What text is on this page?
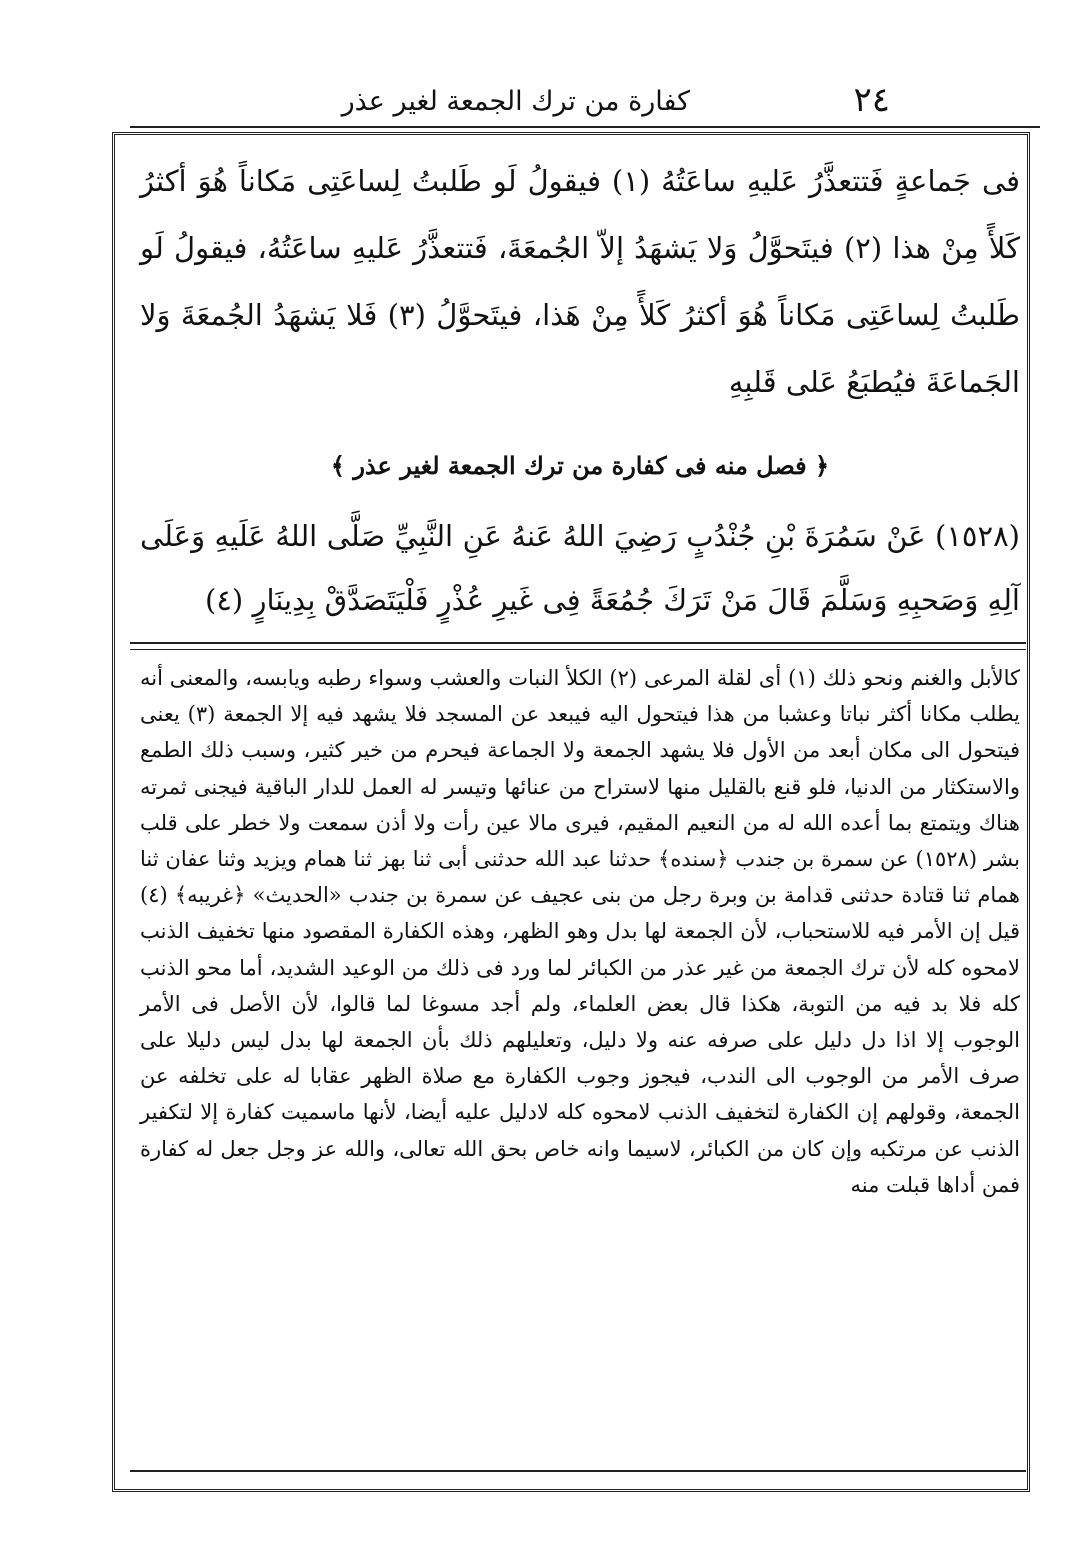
٢٤
كفارة من ترك الجمعة لغير عذر

فى جَماعةٍ فَتتعذَّرُ عَليهِ ساعَتُهُ (١) فيقولُ لَو طَلبتُ لِساعَتِى مَكاناً هُوَ أكثرُ كَلأً مِنْ هذا (٢) فيتَحوَّلُ وَلا يَشهَدُ إلاّ الجُمعَةَ، فَتتعذَّرُ عَليهِ ساعَتُهُ، فيقولُ لَو طَلبتُ لِساعَتِى مَكاناً هُوَ أكثرُ كَلأً مِنْ هَذا، فيتَحوَّلُ (٣) فَلا يَشهَدُ الجُمعَةَ وَلا الجَماعَةَ فيُطبَعُ عَلى قَلبِهِ

﴿ فصل منه فى كفارة من ترك الجمعة لغير عذر ﴾

(١٥٢٨) عَنْ سَمُرَةَ بْنِ جُنْدُبٍ رَضِيَ اللهُ عَنهُ عَنِ النَّبِيِّ صَلَّى اللهُ عَلَيهِ وَعَلَى آلِهِ وَصَحبِهِ وَسَلَّمَ قَالَ مَنْ تَرَكَ جُمُعَةً فِى غَيرِ عُذْرٍ فَلْيَتَصَدَّقْ بِدِينَارٍ (٤)

كالأبل والغنم ونحو ذلك (١) أى لقلة المرعى (٢) الكلأ النبات والعشب وسواء رطبه ويابسه، والمعنى أنه يطلب مكانا أكثر نباتا وعشبا من هذا فيتحول اليه فيبعد عن المسجد فلا يشهد فيه إلا الجمعة (٣) يعنى فيتحول الى مكان أبعد من الأول فلا يشهد الجمعة ولا الجماعة فيحرم من خير كثير، وسبب ذلك الطمع والاستكثار من الدنيا، فلو قنع بالقليل منها لاستراح من عنائها وتيسر له العمل للدار الباقية فيجنى ثمرته هناك ويتمتع بما أعده الله له من النعيم المقيم، فيرى مالا عين رأت ولا أذن سمعت ولا خطر على قلب بشر (١٥٢٨) عن سمرة بن جندب ﴿سنده﴾ حدثنا عبد الله حدثنى أبى ثنا بهز ثنا همام ويزيد وثنا عفان ثنا همام ثنا قتادة حدثنى قدامة بن وبرة رجل من بنى عجيف عن سمرة بن جندب «الحديث» ﴿غريبه﴾ (٤) قيل إن الأمر فيه للاستحباب، لأن الجمعة لها بدل وهو الظهر، وهذه الكفارة المقصود منها تخفيف الذنب لامحوه كله لأن ترك الجمعة من غير عذر من الكبائر لما ورد فى ذلك من الوعيد الشديد، أما محو الذنب كله فلا بد فيه من التوبة، هكذا قال بعض العلماء، ولم أجد مسوغا لما قالوا، لأن الأصل فى الأمر الوجوب إلا اذا دل دليل على صرفه عنه ولا دليل، وتعليلهم ذلك بأن الجمعة لها بدل ليس دليلا على صرف الأمر من الوجوب الى الندب، فيجوز وجوب الكفارة مع صلاة الظهر عقابا له على تخلفه عن الجمعة، وقولهم إن الكفارة لتخفيف الذنب لامحوه كله لادليل عليه أيضا، لأنها ماسميت كفارة إلا لتكفير الذنب عن مرتكبه وإن كان من الكبائر، لاسيما وانه خاص بحق الله تعالى، والله عز وجل جعل له كفارة فمن أداها قبلت منه
